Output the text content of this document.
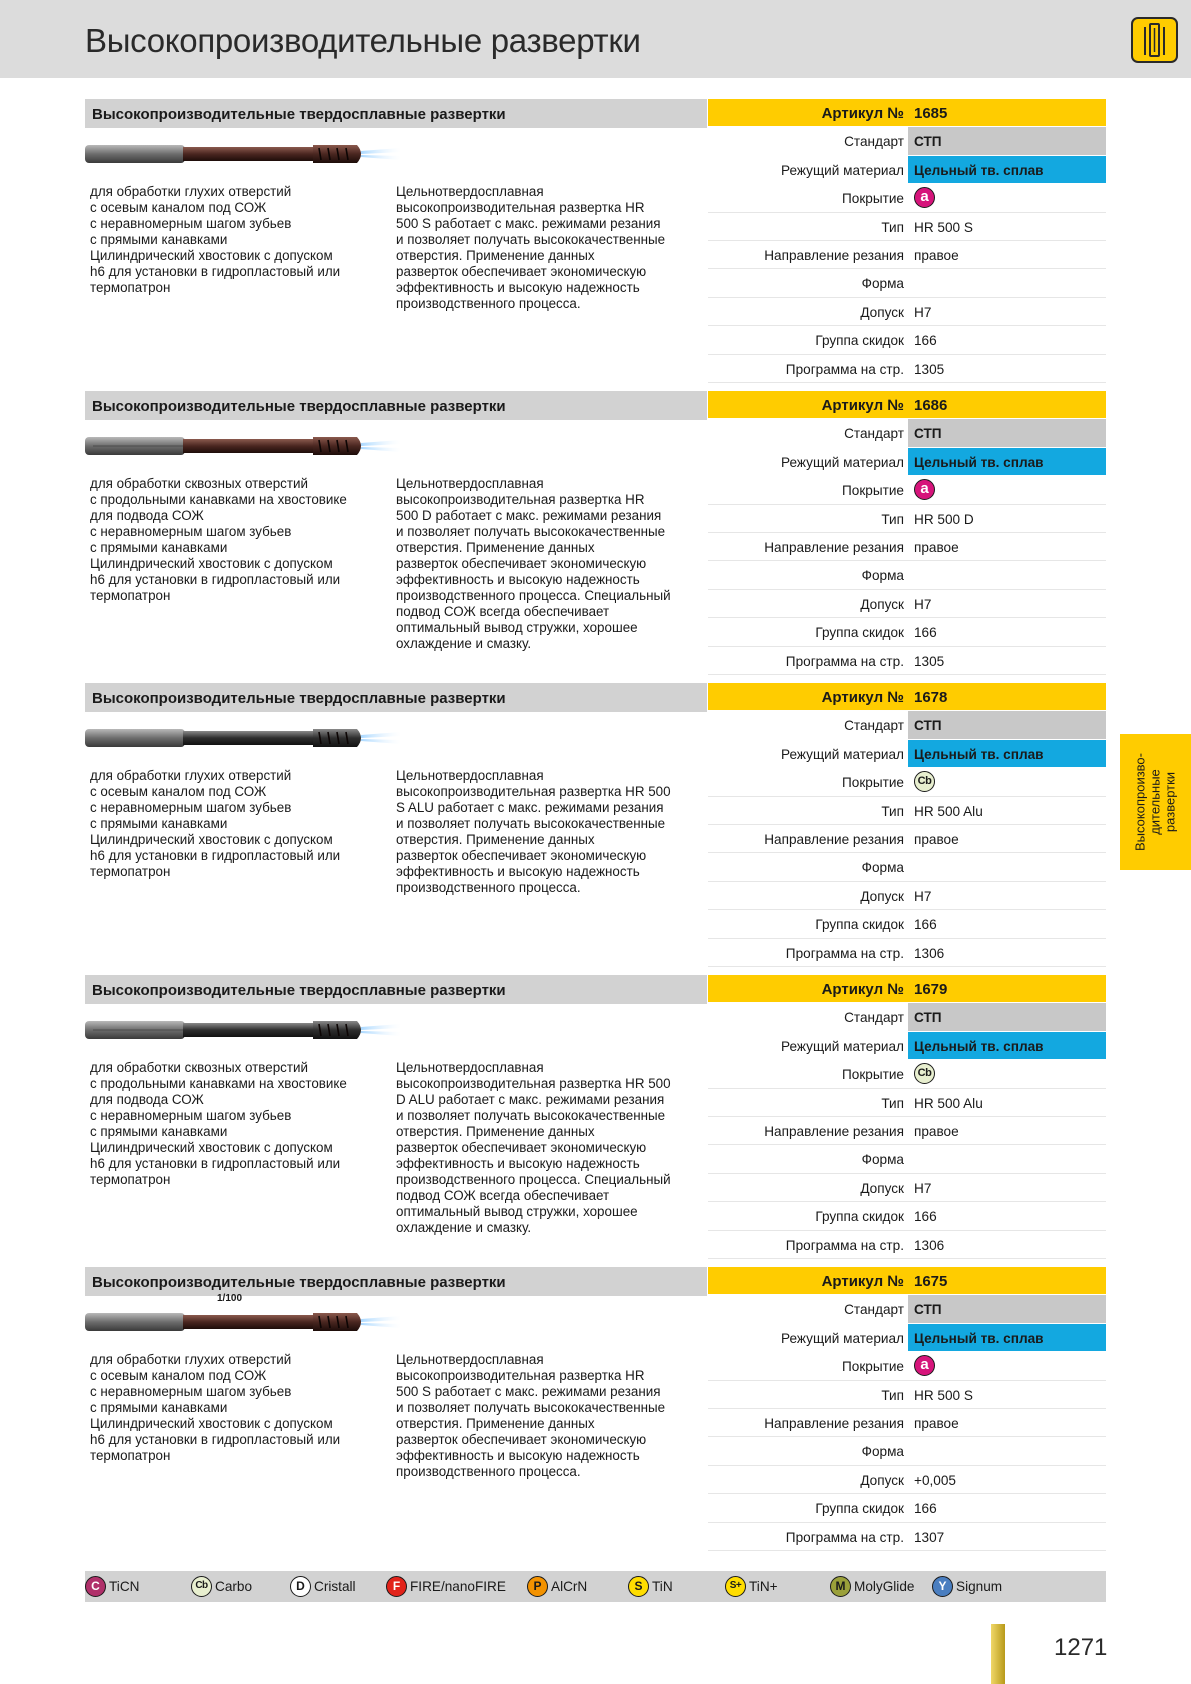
Высокопроизводительные развертки
Высокопроизводительные твердосплавные развертки
для обработки глухих отверстий
с осевым каналом под СОЖ
с неравномерным шагом зубьев
с прямыми канавками
Цилиндрический хвостовик с допуском
h6 для установки в гидропластовый или
термопатрон
Цельнотвердосплавная
высокопроизводительная развертка HR
500 S работает с макс. режимами резания
и позволяет получать высококачественные
отверстия. Применение данных
разверток обеспечивает экономическую
эффективность и высокую надежность
производственного процесса.
Артикул № 1685
Стандарт СТП
Режущий материал Цельный тв. сплав
Покрытие	a
Тип HR 500 S
Направление резания правое
Форма
Допуск H7
Группа скидок 166
Программа на стр. 1305
Высокопроизводительные твердосплавные развертки
для обработки сквозных отверстий
с продольными канавками на хвостовике
для подвода СОЖ
с неравномерным шагом зубьев
с прямыми канавками
Цилиндрический хвостовик с допуском
h6 для установки в гидропластовый или
термопатрон
Цельнотвердосплавная
высокопроизводительная развертка HR
500 D работает с макс. режимами резания
и позволяет получать высококачественные
отверстия. Применение данных
разверток обеспечивает экономическую
эффективность и высокую надежность
производственного процесса. Специальный
подвод СОЖ всегда обеспечивает
оптимальный вывод стружки, хорошее
охлаждение и смазку.
Артикул № 1686
Стандарт СТП
Режущий материал Цельный тв. сплав
Покрытие	a
Тип HR 500 D
Направление резания правое
Форма
Допуск H7
Группа скидок 166
Программа на стр. 1305
Высокопроизводительные твердосплавные развертки
для обработки глухих отверстий
с осевым каналом под СОЖ
с неравномерным шагом зубьев
с прямыми канавками
Цилиндрический хвостовик с допуском
h6 для установки в гидропластовый или
термопатрон
Цельнотвердосплавная
высокопроизводительная развертка HR 500
S ALU работает с макс. режимами резания
и позволяет получать высококачественные
отверстия. Применение данных
разверток обеспечивает экономическую
эффективность и высокую надежность
производственного процесса.
Артикул № 1678
Стандарт СТП
Режущий материал Цельный тв. сплав
Покрытие	Cb
Тип HR 500 Alu
Направление резания правое
Форма
Допуск H7
Группа скидок 166
Программа на стр. 1306
Высокопроизводительные твердосплавные развертки
для обработки сквозных отверстий
с продольными канавками на хвостовике
для подвода СОЖ
с неравномерным шагом зубьев
с прямыми канавками
Цилиндрический хвостовик с допуском
h6 для установки в гидропластовый или
термопатрон
Цельнотвердосплавная
высокопроизводительная развертка HR 500
D ALU работает с макс. режимами резания
и позволяет получать высококачественные
отверстия. Применение данных
разверток обеспечивает экономическую
эффективность и высокую надежность
производственного процесса. Специальный
подвод СОЖ всегда обеспечивает
оптимальный вывод стружки, хорошее
охлаждение и смазку.
Артикул № 1679
Стандарт СТП
Режущий материал Цельный тв. сплав
Покрытие	Cb
Тип HR 500 Alu
Направление резания правое
Форма
Допуск H7
Группа скидок 166
Программа на стр. 1306
Высокопроизводительные твердосплавные развертки
1/100
для обработки глухих отверстий
с осевым каналом под СОЖ
с неравномерным шагом зубьев
с прямыми канавками
Цилиндрический хвостовик с допуском
h6 для установки в гидропластовый или
термопатрон
Цельнотвердосплавная
высокопроизводительная развертка HR
500 S работает с макс. режимами резания
и позволяет получать высококачественные
отверстия. Применение данных
разверток обеспечивает экономическую
эффективность и высокую надежность
производственного процесса.
Артикул № 1675
Стандарт СТП
Режущий материал Цельный тв. сплав
Покрытие	a
Тип HR 500 S
Направление резания правое
Форма
Допуск +0,005
Группа скидок 166
Программа на стр. 1307
C TiCN	Cb Carbo	D Cristall	F FIRE/nanoFIRE	P AlCrN	S TiN	S+ TiN+	M MolyGlide	Y Signum
Высокопроизво-
дительные
развертки
1271
